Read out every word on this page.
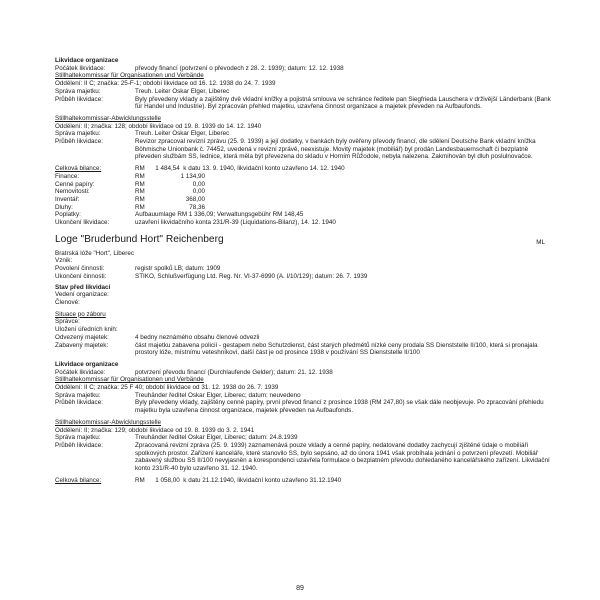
Likvidace organizace
Počátek likvidace:	převody financí (potvrzení o převodech z 28. 2. 1939); datum: 12. 12. 1938
Stillhaltekommissar für Organisationen und Verbände
Oddělení: II C; značka: 25-F-1; období likvidace od 16. 12. 1938 do 24. 7. 1939
Správa majetku:	Treuh. Leiter Oskar Elger, Liberec
Průběh likvidace:	Byly převedeny vklady a zajištěny dvě vkladní knížky a pojistná smlouva ve schránce ředitele pan Siegfrieda Lauschera v drživější Länderbank (Bank für Handel und Industrie). Byl zpracován přehled majetku, uzavřena činnost organizace a majetek převeden na Aufbaufonds.
Stillhaltekommissar-Abwicklungsstelle
Oddělení: II; značka: 128; období likvidace od 19. 8. 1939 do 14. 12. 1940
Správa majetku:	Treuh. Leiter Oskar Elger, Liberec
Průběh likvidace:	Revizor zpracoval revizní zprávu (25. 9. 1939) a její dodatky, v bankách byly ověřeny převody financí, dle sdělení Deutsche Bank vkladní knížka Böhmische Unionbank č. 74452, uvedená v revizní zprávě, neexistuje. Movitý majetek (mobiliář) byl prodán Landesbauernschaft či bezplatně převeden službám SS, lednice, která měla být převezena do skladu v Horním Růžodole, nebyla nalezena. Zakmihován byl dluh poslulnovačce.
Celková bilance:	RM      1 484,54  k datu 13. 9. 1940, likvidační konto uzavřeno 14. 12. 1940
Finance:	RM	1 134,90
Cenné papíry:	RM	0,00
Nemovitosti:	RM	0,00
Inventář:	RM	368,00
Dluhy:	RM	78,36
Poplatky:	Aufbauumlage RM 1 336,09; Verwaltungsgebühr RM 148,45
Ukončení likvidace:	uzavření likvidačního konta 231/R-39 (Liquidations-Bilanz), 14. 12. 1940
Loge "Bruderbund Hort" Reichenberg	ML
Bratrská lóže "Hort", Liberec
Vznik:
Povolení činnosti:	registr spolků LB; datum: 1909
Ukončení činnosti:	STIKO, Schlußverfügung Ltd. Reg. Nr. VI-37-6990 (A. I/10/129); datum: 26. 7. 1939
Stav před likvidací
Vedení organizace:
Členové:
Situace po záboru
Správce:
Uložení úředních knih:
Odvezený majetek:	4 bedny neznámého obsahu členové odvezli
Zabavený majetek:	část majetku zabavena policií - gestapem nebo Schutzdienst, část starých předmětů nízké ceny prodala SS Dienststelle II/100, která si pronajala prostory lóže, místnímu veteshníkovi, další část je od prosince 1938 v používání SS Dienststelle II/100
Likvidace organizace
Počátek likvidace:	potvrzení převodu financí (Durchlaufende Gelder); datum: 21. 12. 1938
Stillhaltekommissar für Organisationen und Verbände
Oddělení: II C; značka: 25 F 40; období likvidace od 31. 12. 1938 do 26. 7. 1939
Správa majetku:	Treuhänder ředitel Oskar Elger, Liberec; datum: neuvedeno
Průběh likvidace:	Byly převedeny vklady, zajištěny cenné papíry, první převod financí z prosince 1938 (RM 247,80) se však dále neobjevuje. Po zpracování přehledu majetku byla uzavřena činnost organizace, majetek převeden na Aufbaufonds.
Stillhaltekommissar-Abwicklungsstelle
Oddělení: II; značka: 129; období likvidace od 19. 8. 1939 do 3. 2. 1941
Správa majetku:	Treuhänder ředitel Oskar Elger, Liberec; datum: 24.8.1939
Průběh likvidace:	Zpracovaná revizní zpráva (25. 9. 1939) zaznamenává pouze vklady a cenné papíry, nedatované dodatky zachycují zjištěné údaje o mobiliáři spolkových prostor. Zařízení kanceláře, které stanovilo SS, bylo sepsáno, až do února 1941 však probíhala jednání o potvrzení převzetí. Mobiliář zabavený službou SS II/100 nevyjasněn a korespondenci uzavřela formulace o bezplatném převodu dohledaného kancelářského zařízení. Likvidační konto 231/R-40 bylo uzavřeno 31. 12. 1940.
Celková bilance:	RM      1 058,00  k datu 21.12.1940, likvidační konto uzavřeno 31.12.1940
89
